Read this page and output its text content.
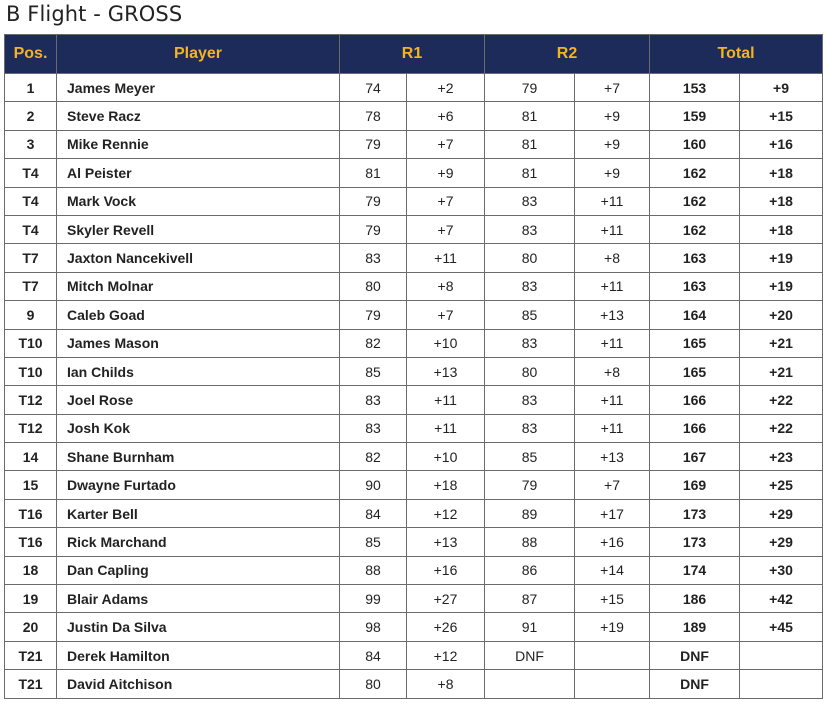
B Flight - GROSS
Pos.	Player	R1		R2		Total	
1	James Meyer	74	+2	79	+7	153	+9
2	Steve Racz	78	+6	81	+9	159	+15
3	Mike Rennie	79	+7	81	+9	160	+16
T4	Al Peister	81	+9	81	+9	162	+18
T4	Mark Vock	79	+7	83	+11	162	+18
T4	Skyler Revell	79	+7	83	+11	162	+18
T7	Jaxton Nancekivell	83	+11	80	+8	163	+19
T7	Mitch Molnar	80	+8	83	+11	163	+19
9	Caleb Goad	79	+7	85	+13	164	+20
T10	James Mason	82	+10	83	+11	165	+21
T10	Ian Childs	85	+13	80	+8	165	+21
T12	Joel Rose	83	+11	83	+11	166	+22
T12	Josh Kok	83	+11	83	+11	166	+22
14	Shane Burnham	82	+10	85	+13	167	+23
15	Dwayne Furtado	90	+18	79	+7	169	+25
T16	Karter Bell	84	+12	89	+17	173	+29
T16	Rick Marchand	85	+13	88	+16	173	+29
18	Dan Capling	88	+16	86	+14	174	+30
19	Blair Adams	99	+27	87	+15	186	+42
20	Justin Da Silva	98	+26	91	+19	189	+45
T21	Derek Hamilton	84	+12	DNF		DNF	
T21	David Aitchison	80	+8			DNF	
